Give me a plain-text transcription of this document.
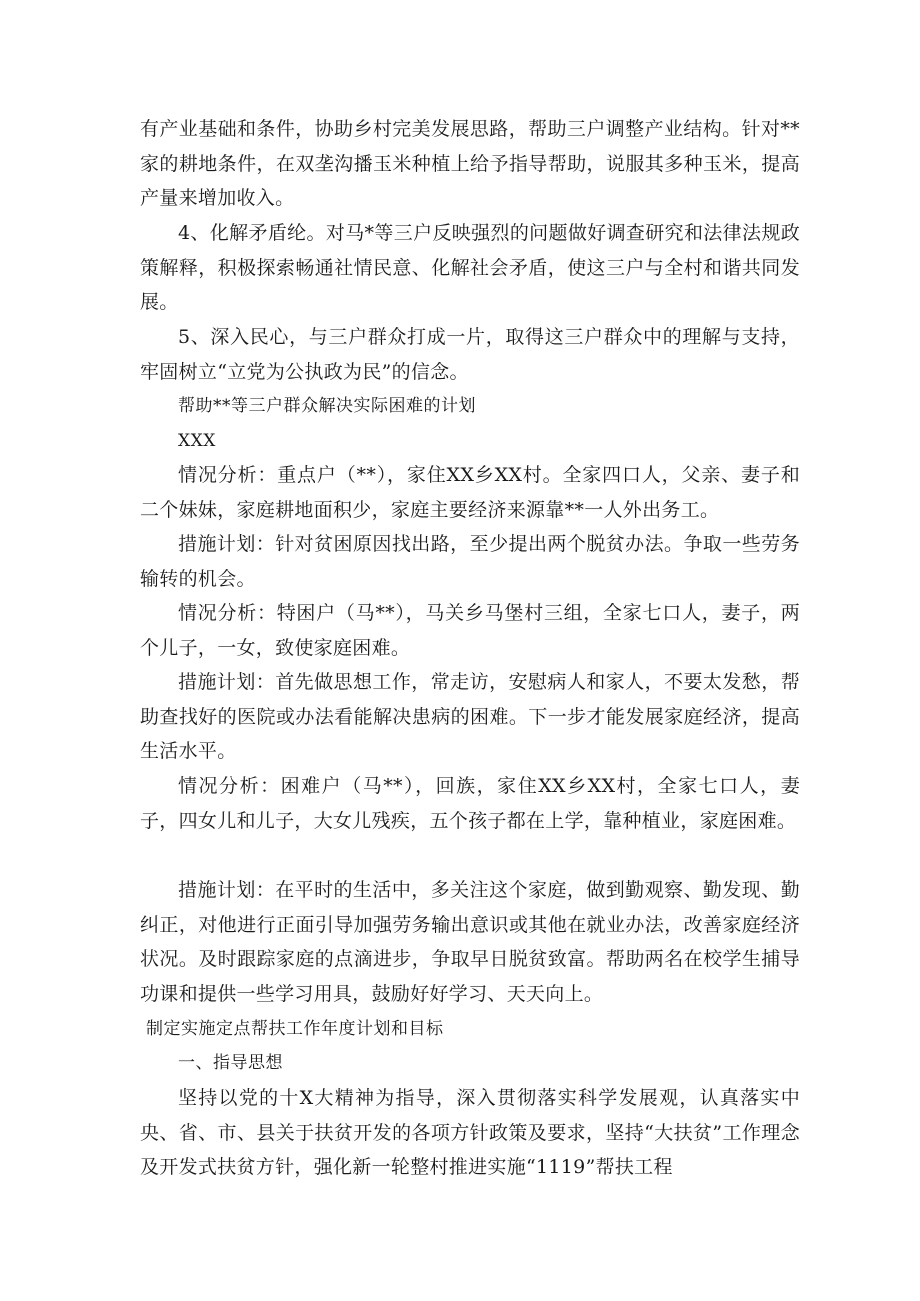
有产业基础和条件，协助乡村完美发展思路，帮助三户调整产业结构。针对**家的耕地条件，在双垄沟播玉米种植上给予指导帮助，说服其多种玉米，提高产量来增加收入。

4、化解矛盾纶。对马*等三户反映强烈的问题做好调查研究和法律法规政策解释，积极探索畅通社情民意、化解社会矛盾，使这三户与全村和谐共同发展。

5、深入民心，与三户群众打成一片，取得这三户群众中的理解与支持，牢固树立“立党为公执政为民”的信念。

帮助**等三户群众解决实际困难的计划

XXX

情况分析：重点户（**），家住XX乡XX村。全家四口人，父亲、妻子和二个妹妹，家庭耕地面积少，家庭主要经济来源靠**一人外出务工。

措施计划：针对贫困原因找出路，至少提出两个脱贫办法。争取一些劳务输转的机会。

情况分析：特困户（马**），马关乡马堡村三组，全家七口人，妻子，两个儿子，一女，致使家庭困难。

措施计划：首先做思想工作，常走访，安慰病人和家人，不要太发愁，帮助查找好的医院或办法看能解决患病的困难。下一步才能发展家庭经济，提高生活水平。

情况分析：困难户（马**），回族，家住XX乡XX村，全家七口人，妻子，四女儿和儿子，大女儿残疾，五个孩子都在上学，靠种植业，家庭困难。

措施计划：在平时的生活中，多关注这个家庭，做到勤观察、勤发现、勤纠正，对他进行正面引导加强劳务输出意识或其他在就业办法，改善家庭经济状况。及时跟踪家庭的点滴进步，争取早日脱贫致富。帮助两名在校学生捕导功课和提供一些学习用具，鼓励好好学习、天天向上。

制定实施定点帮扶工作年度计划和目标

一、指导思想

坚持以党的十X大精神为指导，深入贯彻落实科学发展观，认真落实中央、省、市、县关于扶贫开发的各项方针政策及要求，坚持“大扶贫”工作理念及开发式扶贫方针，强化新一轮整村推进实施“1119”帮扶工程
